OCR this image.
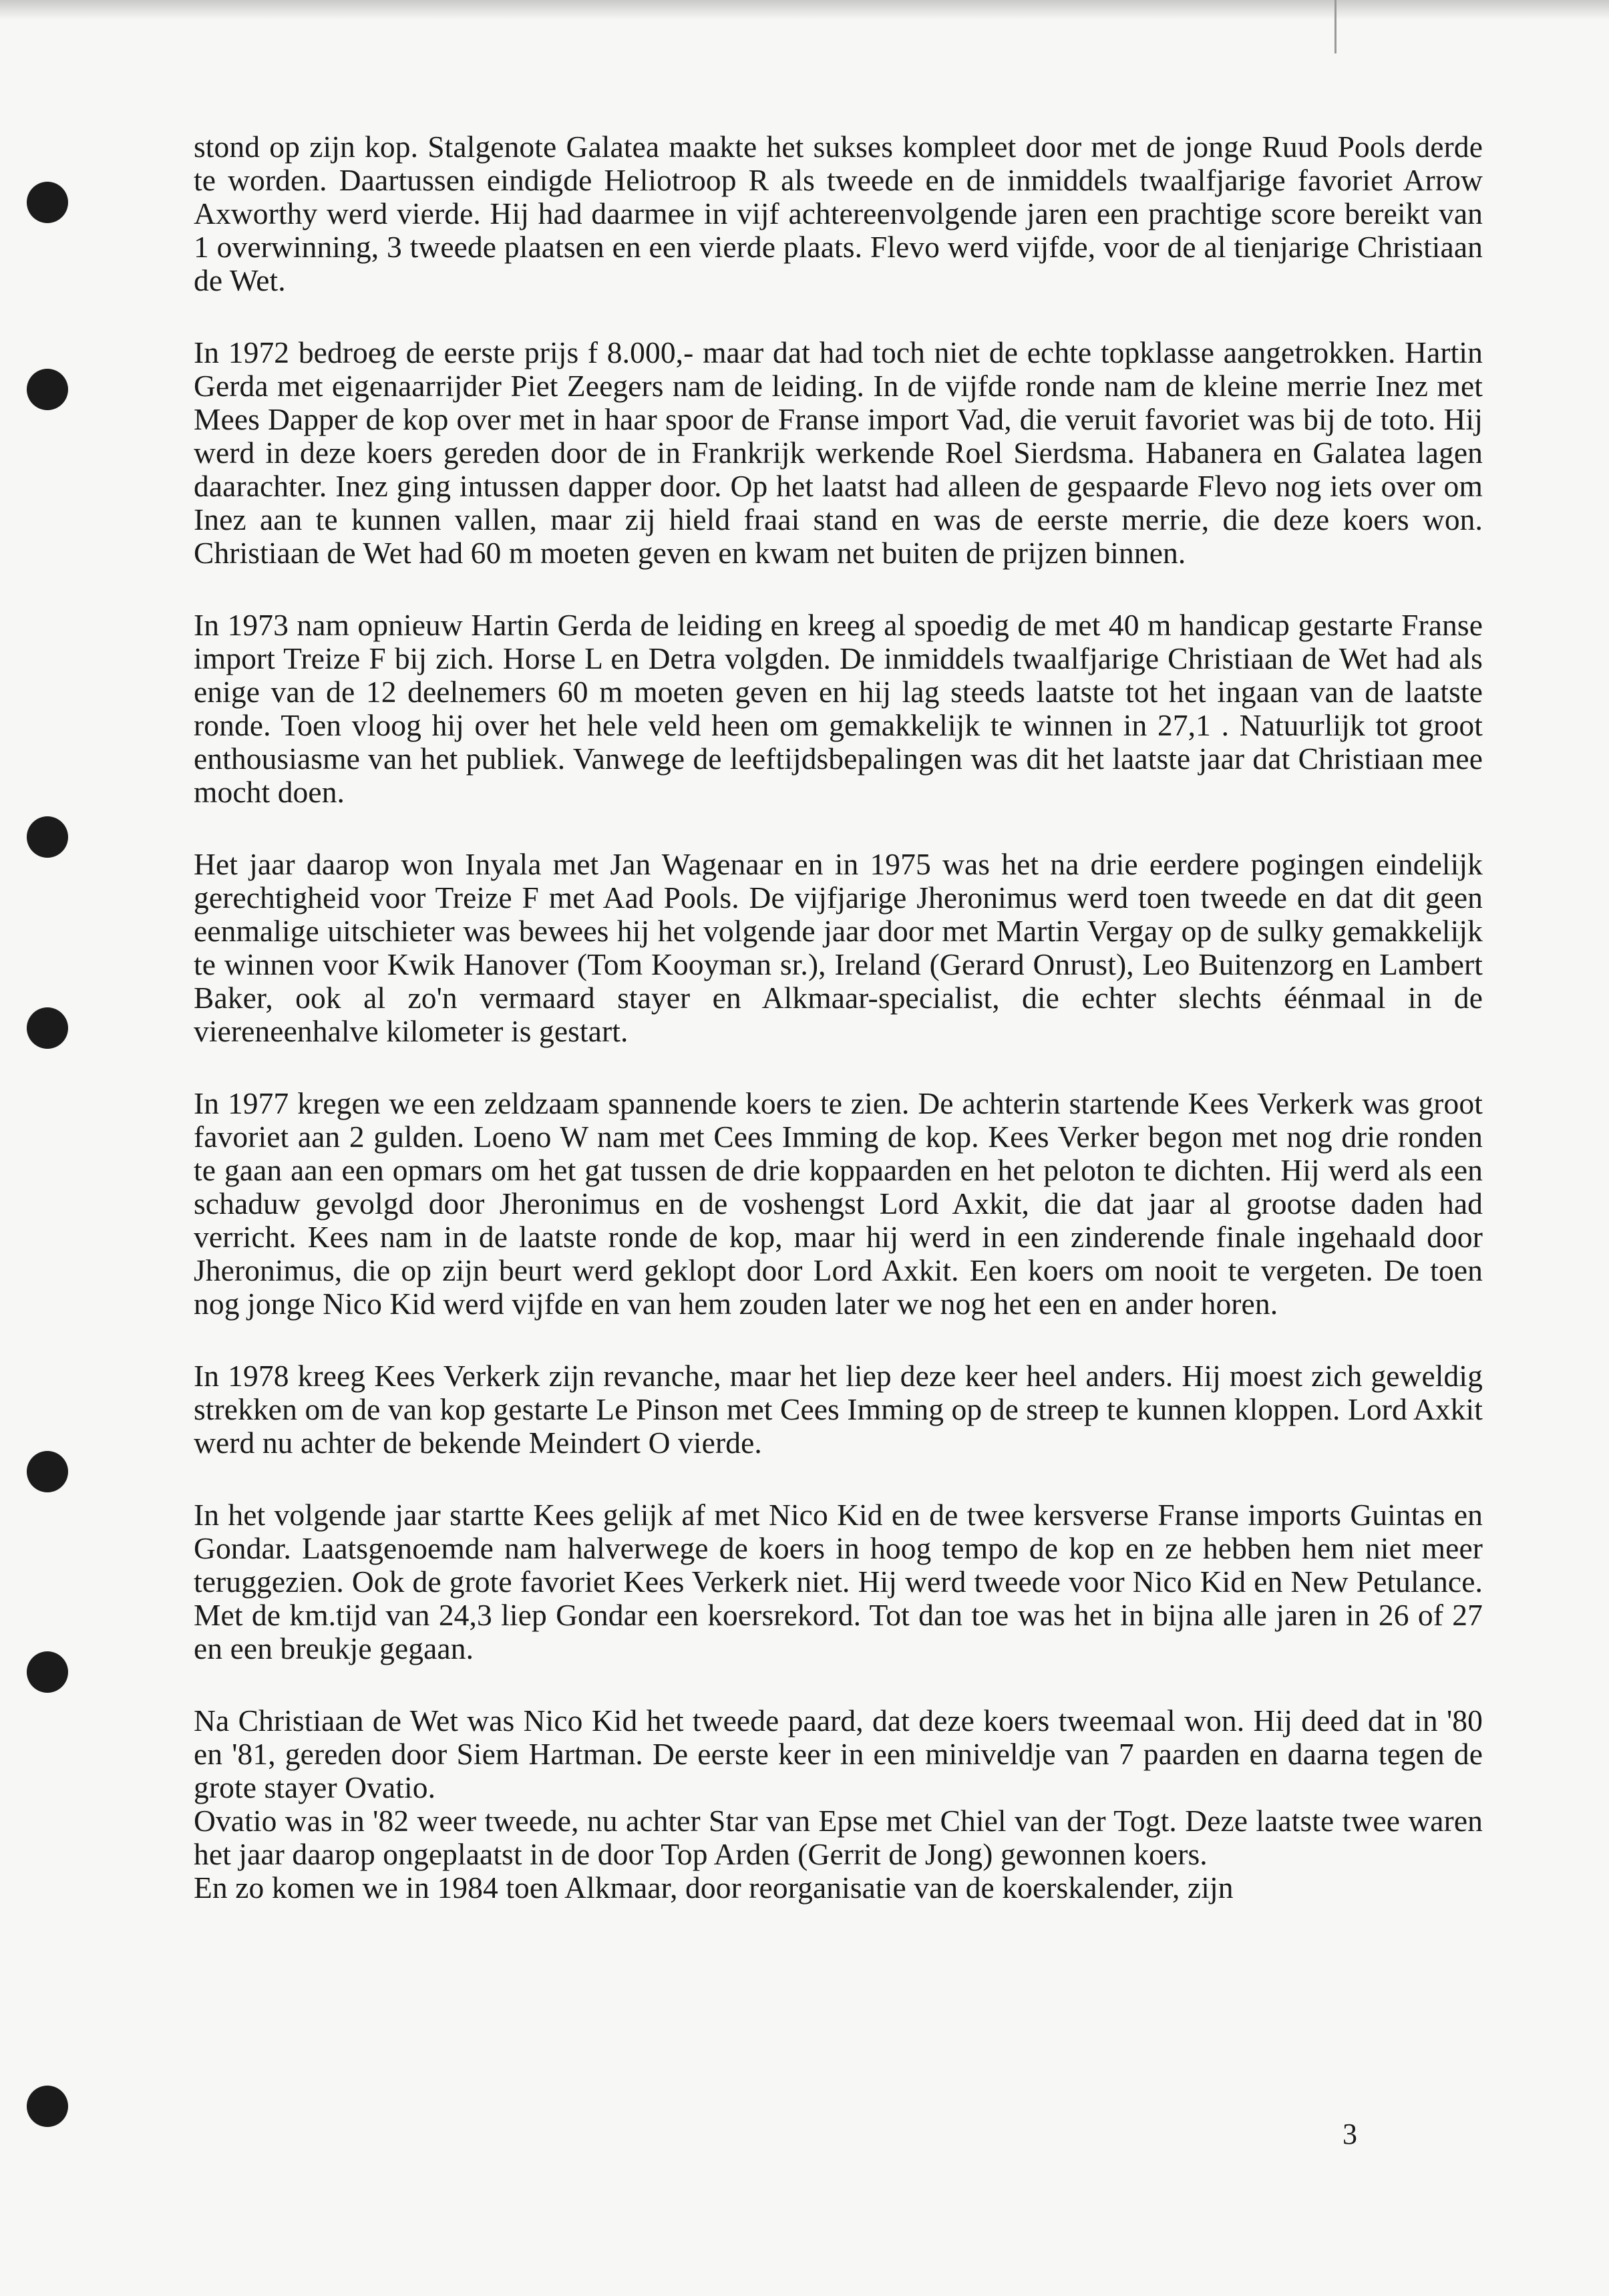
stond op zijn kop. Stalgenote Galatea maakte het sukses kompleet door met de jonge Ruud Pools derde te worden. Daartussen eindigde Heliotroop R als tweede en de inmiddels twaalfjarige favoriet Arrow Axworthy werd vierde. Hij had daarmee in vijf achtereenvolgende jaren een prachtige score bereikt van 1 overwinning, 3 tweede plaatsen en een vierde plaats. Flevo werd vijfde, voor de al tienjarige Christiaan de Wet.

In 1972 bedroeg de eerste prijs f 8.000,- maar dat had toch niet de echte topklasse aangetrokken. Hartin Gerda met eigenaarrijder Piet Zeegers nam de leiding. In de vijfde ronde nam de kleine merrie Inez met Mees Dapper de kop over met in haar spoor de Franse import Vad, die veruit favoriet was bij de toto. Hij werd in deze koers gereden door de in Frankrijk werkende Roel Sierdsma. Habanera en Galatea lagen daarachter. Inez ging intussen dapper door. Op het laatst had alleen de gespaarde Flevo nog iets over om Inez aan te kunnen vallen, maar zij hield fraai stand en was de eerste merrie, die deze koers won. Christiaan de Wet had 60 m moeten geven en kwam net buiten de prijzen binnen.

In 1973 nam opnieuw Hartin Gerda de leiding en kreeg al spoedig de met 40 m handicap gestarte Franse import Treize F bij zich. Horse L en Detra volgden. De inmiddels twaalfjarige Christiaan de Wet had als enige van de 12 deelnemers 60 m moeten geven en hij lag steeds laatste tot het ingaan van de laatste ronde. Toen vloog hij over het hele veld heen om gemakkelijk te winnen in 27,1 . Natuurlijk tot groot enthousiasme van het publiek. Vanwege de leeftijdsbepalingen was dit het laatste jaar dat Christiaan mee mocht doen.

Het jaar daarop won Inyala met Jan Wagenaar en in 1975 was het na drie eerdere pogingen eindelijk gerechtigheid voor Treize F met Aad Pools. De vijfjarige Jheronimus werd toen tweede en dat dit geen eenmalige uitschieter was bewees hij het volgende jaar door met Martin Vergay op de sulky gemakkelijk te winnen voor Kwik Hanover (Tom Kooyman sr.), Ireland (Gerard Onrust), Leo Buitenzorg en Lambert Baker, ook al zo'n vermaard stayer en Alkmaar-specialist, die echter slechts éénmaal in de viereneenhalve kilometer is gestart.

In 1977 kregen we een zeldzaam spannende koers te zien. De achterin startende Kees Verkerk was groot favoriet aan 2 gulden. Loeno W nam met Cees Imming de kop. Kees Verker begon met nog drie ronden te gaan aan een opmars om het gat tussen de drie koppaarden en het peloton te dichten. Hij werd als een schaduw gevolgd door Jheronimus en de voshengst Lord Axkit, die dat jaar al grootse daden had verricht. Kees nam in de laatste ronde de kop, maar hij werd in een zinderende finale ingehaald door Jheronimus, die op zijn beurt werd geklopt door Lord Axkit. Een koers om nooit te vergeten. De toen nog jonge Nico Kid werd vijfde en van hem zouden later we nog het een en ander horen.

In 1978 kreeg Kees Verkerk zijn revanche, maar het liep deze keer heel anders. Hij moest zich geweldig strekken om de van kop gestarte Le Pinson met Cees Imming op de streep te kunnen kloppen. Lord Axkit werd nu achter de bekende Meindert O vierde.

In het volgende jaar startte Kees gelijk af met Nico Kid en de twee kersverse Franse imports Guintas en Gondar. Laatsgenoemde nam halverwege de koers in hoog tempo de kop en ze hebben hem niet meer teruggezien. Ook de grote favoriet Kees Verkerk niet. Hij werd tweede voor Nico Kid en New Petulance. Met de km.tijd van 24,3 liep Gondar een koersrekord. Tot dan toe was het in bijna alle jaren in 26 of 27 en een breukje gegaan.

Na Christiaan de Wet was Nico Kid het tweede paard, dat deze koers tweemaal won. Hij deed dat in '80 en '81, gereden door Siem Hartman. De eerste keer in een miniveldje van 7 paarden en daarna tegen de grote stayer Ovatio.

Ovatio was in '82 weer tweede, nu achter Star van Epse met Chiel van der Togt. Deze laatste twee waren het jaar daarop ongeplaatst in de door Top Arden (Gerrit de Jong) gewonnen koers.

En zo komen we in 1984 toen Alkmaar, door reorganisatie van de koerskalender, zijn

3
